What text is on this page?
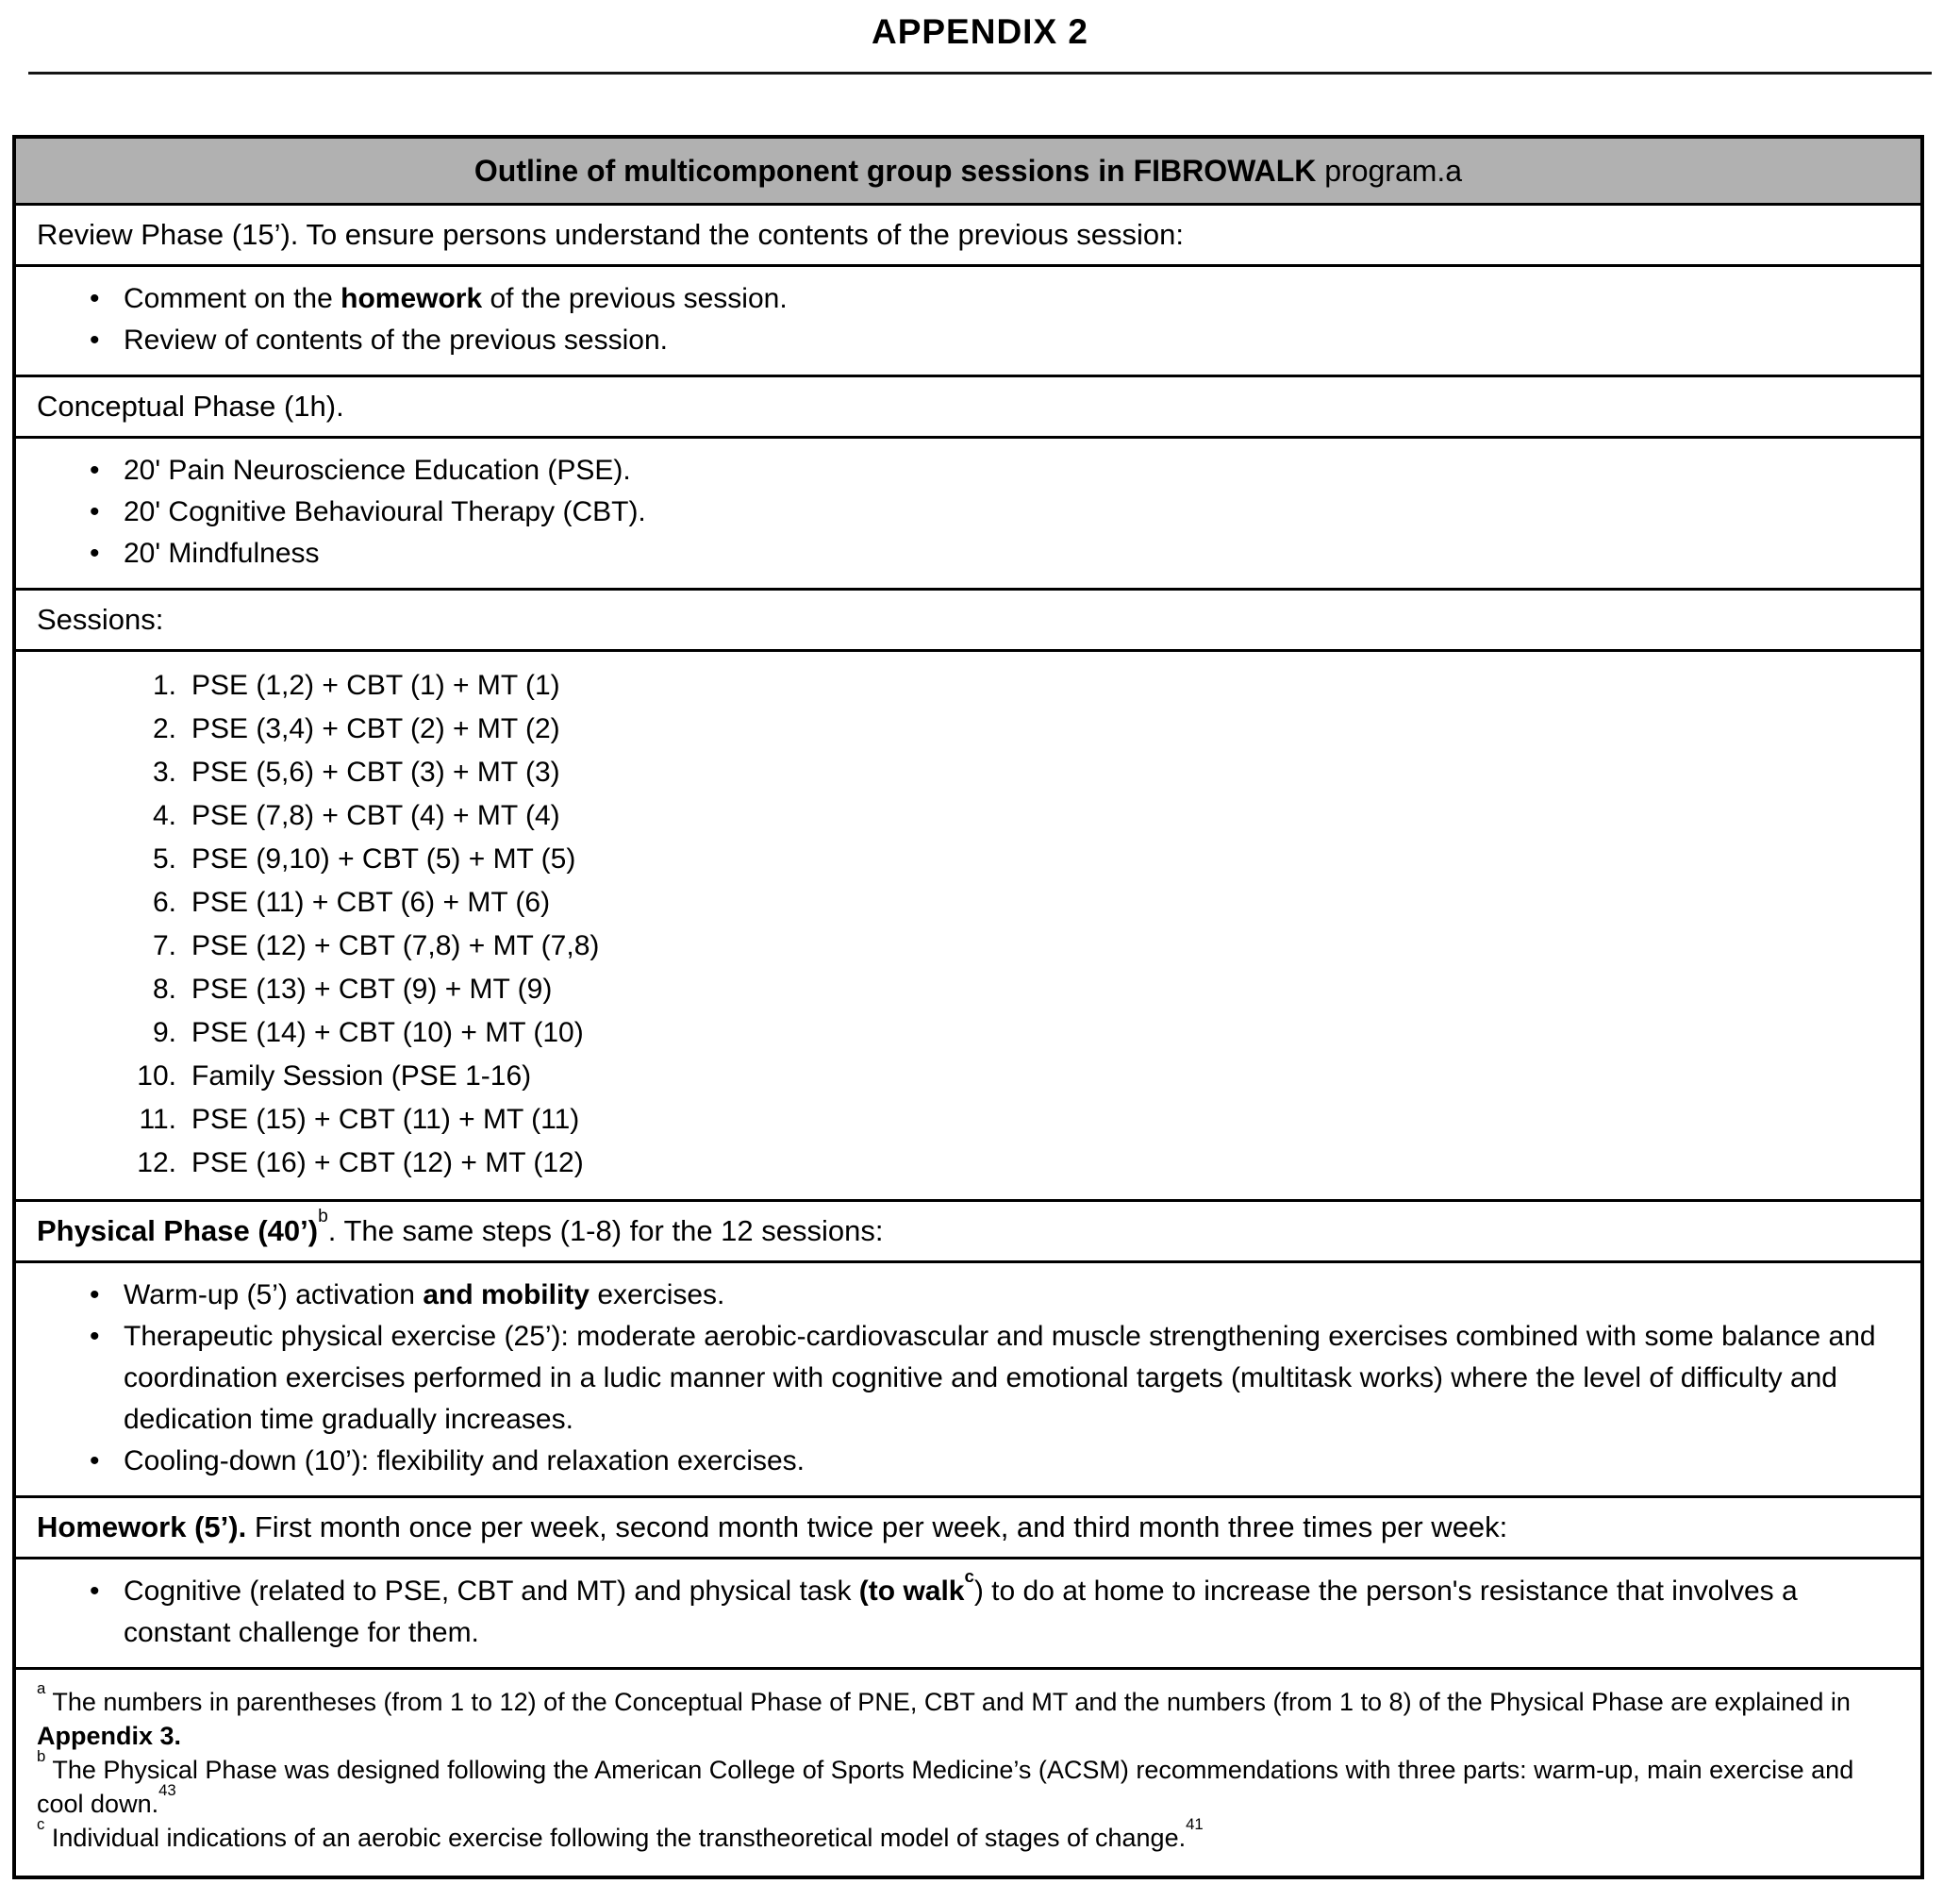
APPENDIX 2
Outline of multicomponent group sessions in FIBROWALK program.a
Review Phase (15’). To ensure persons understand the contents of the previous session:
• Comment on the homework of the previous session.
• Review of contents of the previous session.
Conceptual Phase (1h).
• 20' Pain Neuroscience Education (PSE).
• 20' Cognitive Behavioural Therapy (CBT).
• 20' Mindfulness
Sessions:
1. PSE (1,2) + CBT (1) + MT (1)
2. PSE (3,4) + CBT (2) + MT (2)
3. PSE (5,6) + CBT (3) + MT (3)
4. PSE (7,8) + CBT (4) + MT (4)
5. PSE (9,10) + CBT (5) + MT (5)
6. PSE (11) + CBT (6) + MT (6)
7. PSE (12) + CBT (7,8) + MT (7,8)
8. PSE (13) + CBT (9) + MT (9)
9. PSE (14) + CBT (10) + MT (10)
10. Family Session (PSE 1-16)
11. PSE (15) + CBT (11) + MT (11)
12. PSE (16) + CBT (12) + MT (12)
Physical Phase (40’)$^b$. The same steps (1-8) for the 12 sessions:
• Warm-up (5’) activation and mobility exercises.
• Therapeutic physical exercise (25’): moderate aerobic-cardiovascular and muscle strengthening exercises combined with some balance and coordination exercises performed in a ludic manner with cognitive and emotional targets (multitask works) where the level of difficulty and dedication time gradually increases.
• Cooling-down (10’): flexibility and relaxation exercises.
Homework (5’). First month once per week, second month twice per week, and third month three times per week:
• Cognitive (related to PSE, CBT and MT) and physical task (to walk$^c$) to do at home to increase the person's resistance that involves a constant challenge for them.
$^a$ The numbers in parentheses (from 1 to 12) of the Conceptual Phase of PNE, CBT and MT and the numbers (from 1 to 8) of the Physical Phase are explained in Appendix 3.
$^b$ The Physical Phase was designed following the American College of Sports Medicine’s (ACSM) recommendations with three parts: warm-up, main exercise and cool down.$^{43}$
$^c$ Individual indications of an aerobic exercise following the transtheoretical model of stages of change.$^{41}$
